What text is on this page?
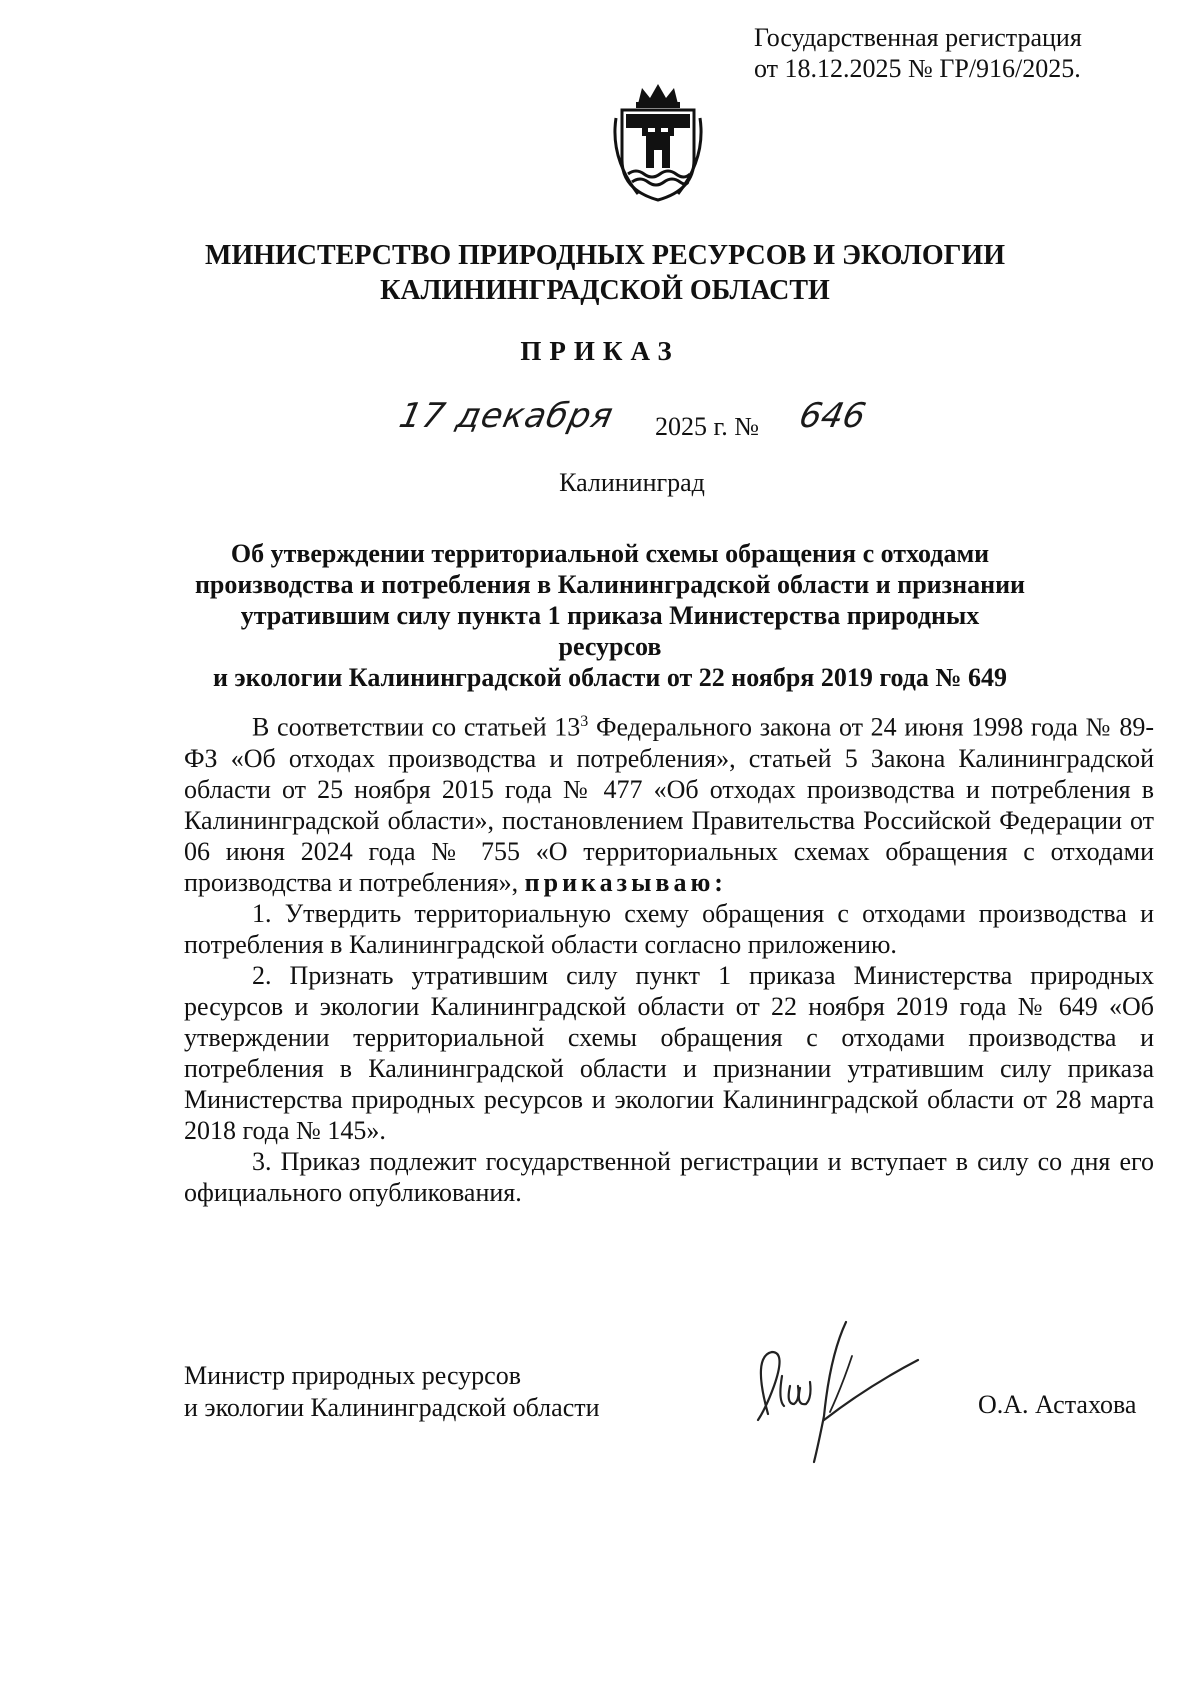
Государственная регистрация
от 18.12.2025 № ГР/916/2025.
МИНИСТЕРСТВО ПРИРОДНЫХ РЕСУРСОВ И ЭКОЛОГИИ
КАЛИНИНГРАДСКОЙ ОБЛАСТИ
ПРИКАЗ
17 декабря 2025 г. № 646
Калининград
Об утверждении территориальной схемы обращения с отходами
производства и потребления в Калининградской области и признании
утратившим силу пункта 1 приказа Министерства природных ресурсов
и экологии Калининградской области от 22 ноября 2019 года № 649

В соответствии со статьей $13^3$ Федерального закона от 24 июня 1998 года № 89-ФЗ «Об отходах производства и потребления», статьей 5 Закона Калининградской области от 25 ноября 2015 года № 477 «Об отходах производства и потребления в Калининградской области», постановлением Правительства Российской Федерации от 06 июня 2024 года № 755 «О территориальных схемах обращения с отходами производства и потребления», приказываю:

1. Утвердить территориальную схему обращения с отходами производства и потребления в Калининградской области согласно приложению.

2. Признать утратившим силу пункт 1 приказа Министерства природных ресурсов и экологии Калининградской области от 22 ноября 2019 года № 649 «Об утверждении территориальной схемы обращения с отходами производства и потребления в Калининградской области и признании утратившим силу приказа Министерства природных ресурсов и экологии Калининградской области от 28 марта 2018 года № 145».

3. Приказ подлежит государственной регистрации и вступает в силу со дня его официального опубликования.

Министр природных ресурсов
и экологии Калининградской области	О.А. Астахова
